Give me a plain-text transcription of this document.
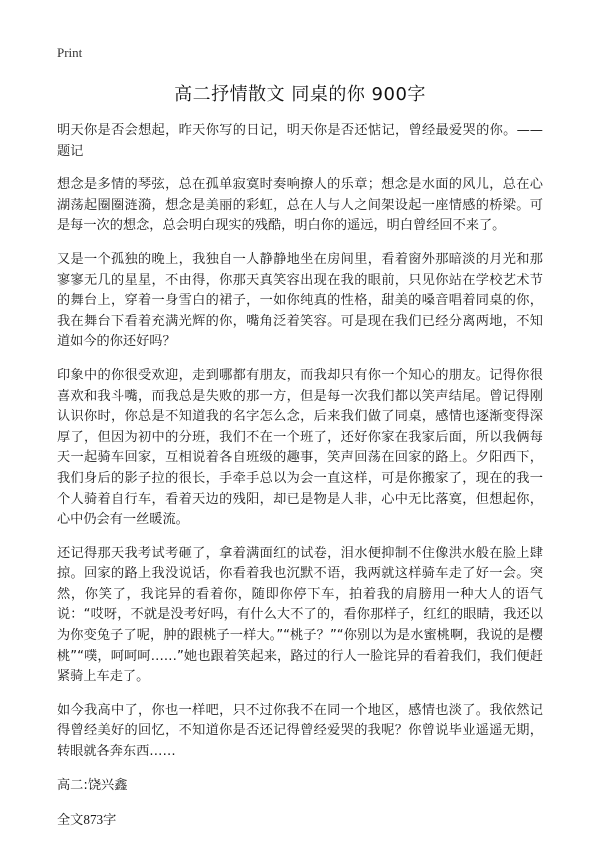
Print
高二抒情散文 同桌的你 900字

明天你是否会想起，昨天你写的日记，明天你是否还惦记，曾经最爱哭的你。——题记

想念是多情的琴弦，总在孤单寂寞时奏响撩人的乐章；想念是水面的风儿，总在心湖荡起圈圈涟漪，想念是美丽的彩虹，总在人与人之间架设起一座情感的桥梁。可是每一次的想念，总会明白现实的残酷，明白你的遥远，明白曾经回不来了。

又是一个孤独的晚上，我独自一人静静地坐在房间里，看着窗外那暗淡的月光和那寥寥无几的星星，不由得，你那天真笑容出现在我的眼前，只见你站在学校艺术节的舞台上，穿着一身雪白的裙子，一如你纯真的性格，甜美的嗓音唱着同桌的你，我在舞台下看着充满光辉的你，嘴角泛着笑容。可是现在我们已经分离两地，不知道如今的你还好吗？

印象中的你很受欢迎，走到哪都有朋友，而我却只有你一个知心的朋友。记得你很喜欢和我斗嘴，而我总是失败的那一方，但是每一次我们都以笑声结尾。曾记得刚认识你时，你总是不知道我的名字怎么念，后来我们做了同桌，感情也逐渐变得深厚了，但因为初中的分班，我们不在一个班了，还好你家在我家后面，所以我俩每天一起骑车回家，互相说着各自班级的趣事，笑声回荡在回家的路上。夕阳西下，我们身后的影子拉的很长，手牵手总以为会一直这样，可是你搬家了，现在的我一个人骑着自行车，看着天边的残阳，却已是物是人非，心中无比落寞，但想起你，心中仍会有一丝暖流。

还记得那天我考试考砸了，拿着满面红的试卷，泪水便抑制不住像洪水般在脸上肆掠。回家的路上我没说话，你看着我也沉默不语，我两就这样骑车走了好一会。突然，你笑了，我诧异的看着你，随即你停下车，拍着我的肩膀用一种大人的语气说：“哎呀，不就是没考好吗，有什么大不了的，看你那样子，红红的眼睛，我还以为你变兔子了呢，肿的跟桃子一样大。”“桃子？”“你别以为是水蜜桃啊，我说的是樱桃”“噗，呵呵呵……”她也跟着笑起来，路过的行人一脸诧异的看着我们，我们便赶紧骑上车走了。

如今我高中了，你也一样吧，只不过你我不在同一个地区，感情也淡了。我依然记得曾经美好的回忆，不知道你是否还记得曾经爱哭的我呢？你曾说毕业遥遥无期，转眼就各奔东西……

高二:饶兴鑫

全文873字
